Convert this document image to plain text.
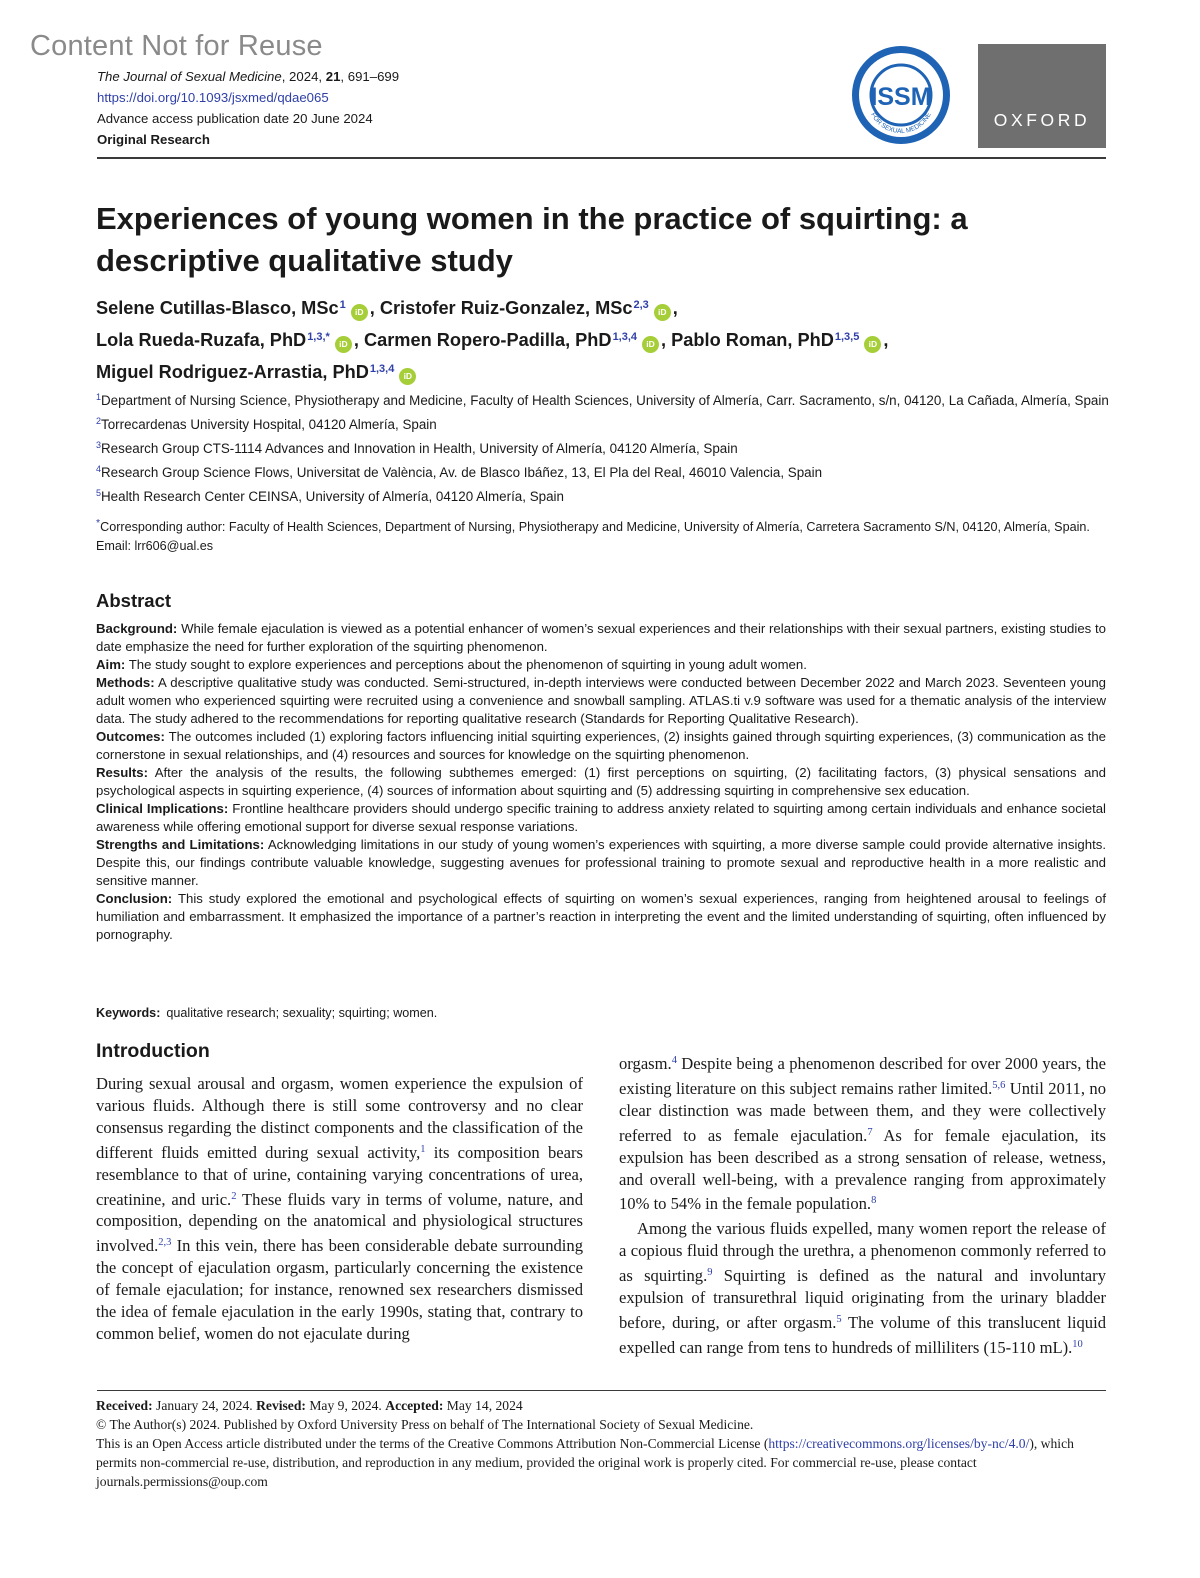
Content Not for Reuse
The Journal of Sexual Medicine, 2024, 21, 691–699
https://doi.org/10.1093/jsxmed/qdae065
Advance access publication date 20 June 2024
Original Research
INTERNATIONAL SOCIETY
FOR SEXUAL MEDICINE
ISSM
OXFORD
Experiences of young women in the practice of squirting: a descriptive qualitative study
Selene Cutillas-Blasco, MSc$^1$iD , Cristofer Ruiz-Gonzalez, MSc$^{2,3}$iD ,
Lola Rueda-Ruzafa, PhD$^{1,3,*}$iD , Carmen Ropero-Padilla, PhD$^{1,3,4}$iD , Pablo Roman, PhD$^{1,3,5}$iD ,
Miguel Rodriguez-Arrastia, PhD$^{1,3,4}$iD
$^1$Department of Nursing Science, Physiotherapy and Medicine, Faculty of Health Sciences, University of Almería, Carr. Sacramento, s/n, 04120, La Cañada, Almería, Spain
$^2$Torrecardenas University Hospital, 04120 Almería, Spain
$^3$Research Group CTS-1114 Advances and Innovation in Health, University of Almería, 04120 Almería, Spain
$^4$Research Group Science Flows, Universitat de València, Av. de Blasco Ibáñez, 13, El Pla del Real, 46010 Valencia, Spain
$^5$Health Research Center CEINSA, University of Almería, 04120 Almería, Spain
*Corresponding author: Faculty of Health Sciences, Department of Nursing, Physiotherapy and Medicine, University of Almería, Carretera Sacramento S/N, 04120, Almería, Spain. Email: lrr606@ual.es
Abstract

Background: While female ejaculation is viewed as a potential enhancer of women’s sexual experiences and their relationships with their sexual partners, existing studies to date emphasize the need for further exploration of the squirting phenomenon.

Aim: The study sought to explore experiences and perceptions about the phenomenon of squirting in young adult women.

Methods: A descriptive qualitative study was conducted. Semi-structured, in-depth interviews were conducted between December 2022 and March 2023. Seventeen young adult women who experienced squirting were recruited using a convenience and snowball sampling. ATLAS.ti v.9 software was used for a thematic analysis of the interview data. The study adhered to the recommendations for reporting qualitative research (Standards for Reporting Qualitative Research).

Outcomes: The outcomes included (1) exploring factors influencing initial squirting experiences, (2) insights gained through squirting experiences, (3) communication as the cornerstone in sexual relationships, and (4) resources and sources for knowledge on the squirting phenomenon.

Results: After the analysis of the results, the following subthemes emerged: (1) first perceptions on squirting, (2) facilitating factors, (3) physical sensations and psychological aspects in squirting experience, (4) sources of information about squirting and (5) addressing squirting in comprehensive sex education.

Clinical Implications: Frontline healthcare providers should undergo specific training to address anxiety related to squirting among certain individuals and enhance societal awareness while offering emotional support for diverse sexual response variations.

Strengths and Limitations: Acknowledging limitations in our study of young women’s experiences with squirting, a more diverse sample could provide alternative insights. Despite this, our findings contribute valuable knowledge, suggesting avenues for professional training to promote sexual and reproductive health in a more realistic and sensitive manner.

Conclusion: This study explored the emotional and psychological effects of squirting on women’s sexual experiences, ranging from heightened arousal to feelings of humiliation and embarrassment. It emphasized the importance of a partner’s reaction in interpreting the event and the limited understanding of squirting, often influenced by pornography.

Keywords: qualitative research; sexuality; squirting; women.
Introduction

During sexual arousal and orgasm, women experience the expulsion of various fluids. Although there is still some controversy and no clear consensus regarding the distinct components and the classification of the different fluids emitted during sexual activity,$^1$ its composition bears resemblance to that of urine, containing varying concentrations of urea, creatinine, and uric.$^2$ These fluids vary in terms of volume, nature, and composition, depending on the anatomical and physiological structures involved.$^{2,3}$ In this vein, there has been considerable debate surrounding the concept of ejaculation orgasm, particularly concerning the existence of female ejaculation; for instance, renowned sex researchers dismissed the idea of female ejaculation in the early 1990s, stating that, contrary to common belief, women do not ejaculate during

orgasm.$^4$ Despite being a phenomenon described for over 2000 years, the existing literature on this subject remains rather limited.$^{5,6}$ Until 2011, no clear distinction was made between them, and they were collectively referred to as female ejaculation.$^7$ As for female ejaculation, its expulsion has been described as a strong sensation of release, wetness, and overall well-being, with a prevalence ranging from approximately 10% to 54% in the female population.$^8$

Among the various fluids expelled, many women report the release of a copious fluid through the urethra, a phenomenon commonly referred to as squirting.$^9$ Squirting is defined as the natural and involuntary expulsion of transurethral liquid originating from the urinary bladder before, during, or after orgasm.$^5$ The volume of this translucent liquid expelled can range from tens to hundreds of milliliters (15-110 mL).$^{10}$

Received: January 24, 2024. Revised: May 9, 2024. Accepted: May 14, 2024
© The Author(s) 2024. Published by Oxford University Press on behalf of The International Society of Sexual Medicine.
This is an Open Access article distributed under the terms of the Creative Commons Attribution Non-Commercial License (https://creativecommons.org/licenses/by-nc/4.0/), which permits non-commercial re-use, distribution, and reproduction in any medium, provided the original work is properly cited. For commercial re-use, please contact journals.permissions@oup.com
